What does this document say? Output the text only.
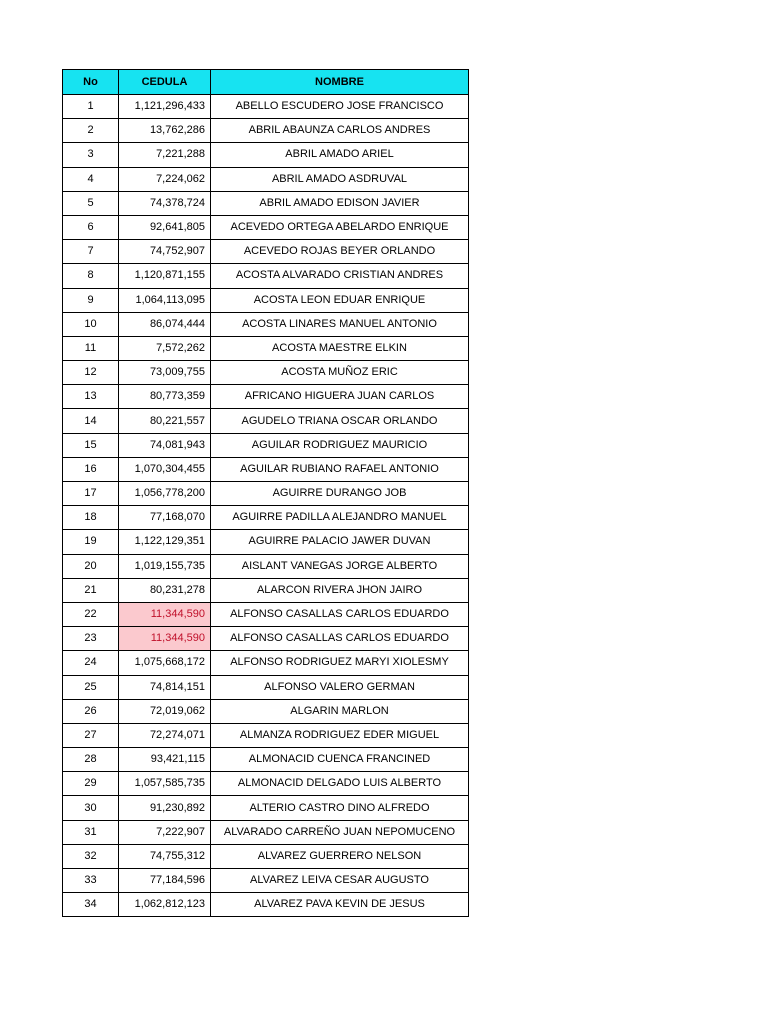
No	CEDULA	NOMBRE
1	1,121,296,433	ABELLO ESCUDERO JOSE FRANCISCO
2	13,762,286	ABRIL ABAUNZA CARLOS ANDRES
3	7,221,288	ABRIL AMADO ARIEL
4	7,224,062	ABRIL AMADO ASDRUVAL
5	74,378,724	ABRIL AMADO EDISON JAVIER
6	92,641,805	ACEVEDO ORTEGA ABELARDO ENRIQUE
7	74,752,907	ACEVEDO ROJAS BEYER ORLANDO
8	1,120,871,155	ACOSTA ALVARADO CRISTIAN ANDRES
9	1,064,113,095	ACOSTA LEON EDUAR ENRIQUE
10	86,074,444	ACOSTA LINARES MANUEL ANTONIO
11	7,572,262	ACOSTA MAESTRE ELKIN
12	73,009,755	ACOSTA MUÑOZ ERIC
13	80,773,359	AFRICANO HIGUERA JUAN CARLOS
14	80,221,557	AGUDELO TRIANA OSCAR ORLANDO
15	74,081,943	AGUILAR RODRIGUEZ MAURICIO
16	1,070,304,455	AGUILAR RUBIANO RAFAEL ANTONIO
17	1,056,778,200	AGUIRRE DURANGO JOB
18	77,168,070	AGUIRRE PADILLA ALEJANDRO MANUEL
19	1,122,129,351	AGUIRRE PALACIO JAWER DUVAN
20	1,019,155,735	AISLANT VANEGAS JORGE ALBERTO
21	80,231,278	ALARCON RIVERA JHON JAIRO
22	11,344,590	ALFONSO CASALLAS CARLOS EDUARDO
23	11,344,590	ALFONSO CASALLAS CARLOS EDUARDO
24	1,075,668,172	ALFONSO RODRIGUEZ MARYI XIOLESMY
25	74,814,151	ALFONSO VALERO GERMAN
26	72,019,062	ALGARIN MARLON
27	72,274,071	ALMANZA RODRIGUEZ EDER MIGUEL
28	93,421,115	ALMONACID CUENCA FRANCINED
29	1,057,585,735	ALMONACID DELGADO LUIS ALBERTO
30	91,230,892	ALTERIO CASTRO DINO ALFREDO
31	7,222,907	ALVARADO CARREÑO JUAN NEPOMUCENO
32	74,755,312	ALVAREZ GUERRERO NELSON
33	77,184,596	ALVAREZ LEIVA CESAR AUGUSTO
34	1,062,812,123	ALVAREZ PAVA KEVIN DE JESUS
